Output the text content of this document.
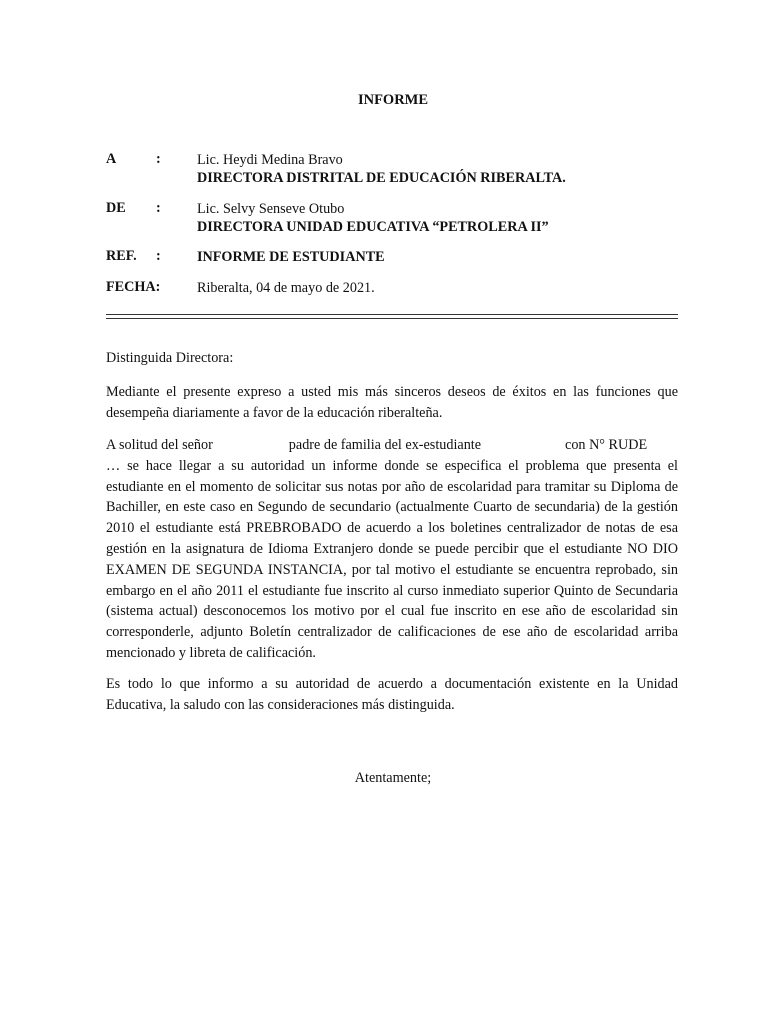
INFORME
A	:	Lic. Heydi Medina Bravo
DIRECTORA DISTRITAL DE EDUCACIÓN RIBERALTA.
DE :	Lic. Selvy Senseve Otubo
DIRECTORA UNIDAD EDUCATIVA “PETROLERA II”
REF. :	INFORME DE ESTUDIANTE
FECHA:	Riberalta, 04 de mayo de 2021.
Distinguida Directora:
Mediante el presente expreso a usted mis más sinceros deseos de éxitos en las funciones que desempeña diariamente a favor de la educación riberalteña.
A solitud del señor	padre de familia del ex-estudiante	con N° RUDE
… se hace llegar a su autoridad un informe donde se especifica el problema que presenta el estudiante en el momento de solicitar sus notas por año de escolaridad para tramitar su Diploma de Bachiller, en este caso en Segundo de secundario (actualmente Cuarto de secundaria) de la gestión 2010 el estudiante está PREBROBADO de acuerdo a los boletines centralizador de notas de esa gestión en la asignatura de Idioma Extranjero donde se puede percibir que el estudiante NO DIO EXAMEN DE SEGUNDA INSTANCIA, por tal motivo el estudiante se encuentra reprobado, sin embargo en el año 2011 el estudiante fue inscrito al curso inmediato superior Quinto de Secundaria (sistema actual) desconocemos los motivo por el cual fue inscrito en ese año de escolaridad sin corresponderle, adjunto Boletín centralizador de calificaciones de ese año de escolaridad arriba mencionado y libreta de calificación.
Es todo lo que informo a su autoridad de acuerdo a documentación existente en la Unidad Educativa, la saludo con las consideraciones más distinguida.
Atentamente;
